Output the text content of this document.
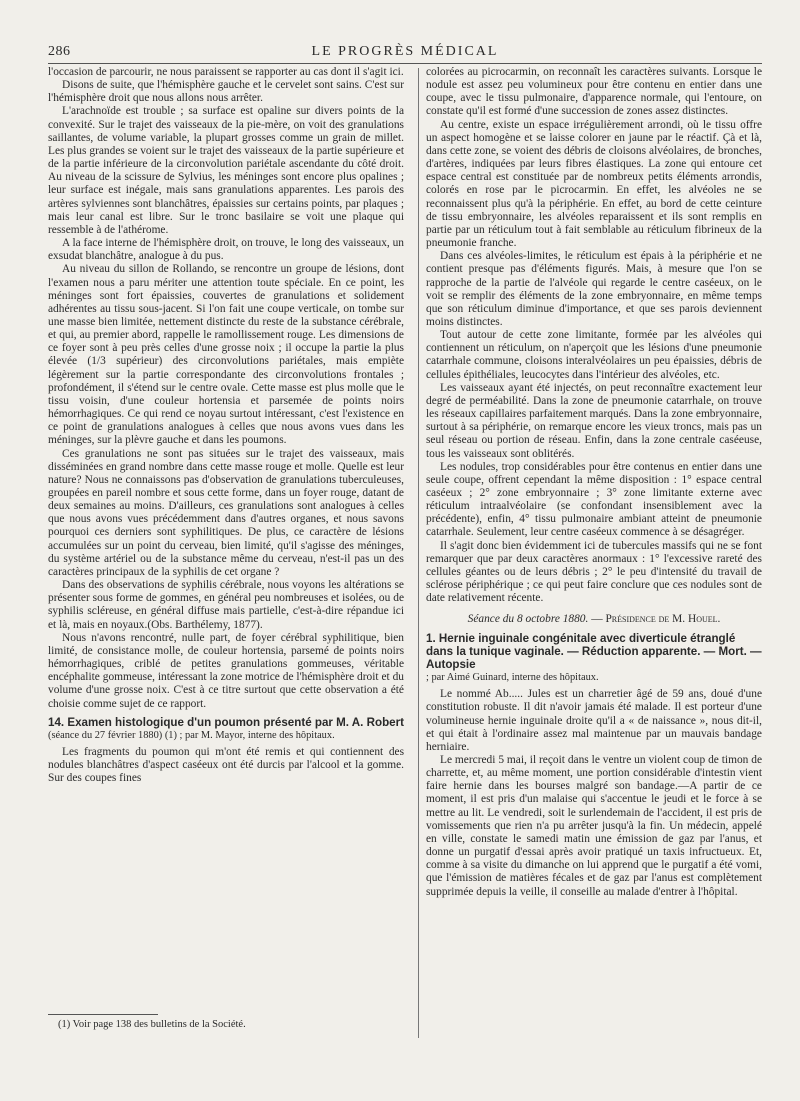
286	LE PROGRÈS MÉDICAL

l'occasion de parcourir, ne nous paraissent se rapporter au cas dont il s'agit ici.

Disons de suite, que l'hémisphère gauche et le cervelet sont sains. C'est sur l'hémisphère droit que nous allons nous arrêter.

L'arachnoïde est trouble ; sa surface est opaline sur divers points de la convexité. Sur le trajet des vaisseaux de la pie-mère, on voit des granulations saillantes, de volume variable, la plupart grosses comme un grain de millet. Les plus grandes se voient sur le trajet des vaisseaux de la partie supérieure et de la partie inférieure de la circonvolution pariétale ascendante du côté droit. Au niveau de la scissure de Sylvius, les méninges sont encore plus opalines ; leur surface est inégale, mais sans granulations apparentes. Les parois des artères sylviennes sont blanchâtres, épaissies sur certains points, par plaques ; mais leur canal est libre. Sur le tronc basilaire se voit une plaque qui ressemble à de l'athérome.

A la face interne de l'hémisphère droit, on trouve, le long des vaisseaux, un exsudat blanchâtre, analogue à du pus.

Au niveau du sillon de Rollando, se rencontre un groupe de lésions, dont l'examen nous a paru mériter une attention toute spéciale. En ce point, les méninges sont fort épaissies, couvertes de granulations et solidement adhérentes au tissu sous-jacent. Si l'on fait une coupe verticale, on tombe sur une masse bien limitée, nettement distincte du reste de la substance cérébrale, et qui, au premier abord, rappelle le ramollissement rouge. Les dimensions de ce foyer sont à peu près celles d'une grosse noix ; il occupe la partie la plus élevée (1/3 supérieur) des circonvolutions pariétales, mais empiète légèrement sur la partie correspondante des circonvolutions frontales ; profondément, il s'étend sur le centre ovale. Cette masse est plus molle que le tissu voisin, d'une couleur hortensia et parsemée de points noirs hémorrhagiques. Ce qui rend ce noyau surtout intéressant, c'est l'existence en ce point de granulations analogues à celles que nous avons vues dans les méninges, sur la plèvre gauche et dans les poumons.

Ces granulations ne sont pas situées sur le trajet des vaisseaux, mais disséminées en grand nombre dans cette masse rouge et molle. Quelle est leur nature? Nous ne connaissons pas d'observation de granulations tuberculeuses, groupées en pareil nombre et sous cette forme, dans un foyer rouge, datant de deux semaines au moins. D'ailleurs, ces granulations sont analogues à celles que nous avons vues précédemment dans d'autres organes, et nous savons pourquoi ces derniers sont syphilitiques. De plus, ce caractère de lésions accumulées sur un point du cerveau, bien limité, qu'il s'agisse des méninges, du système artériel ou de la substance même du cerveau, n'est-il pas un des caractères principaux de la syphilis de cet organe ?

Dans des observations de syphilis cérébrale, nous voyons les altérations se présenter sous forme de gommes, en général peu nombreuses et isolées, ou de syphilis scléreuse, en général diffuse mais partielle, c'est-à-dire répandue ici et là, mais en noyaux.(Obs. Barthélemy, 1877).

Nous n'avons rencontré, nulle part, de foyer cérébral syphilitique, bien limité, de consistance molle, de couleur hortensia, parsemé de points noirs hémorrhagiques, criblé de petites granulations gommeuses, véritable encéphalite gommeuse, intéressant la zone motrice de l'hémisphère droit et du volume d'une grosse noix. C'est à ce titre surtout que cette observation a été choisie comme sujet de ce rapport.

14. Examen histologique d'un poumon présenté par M. A. Robert
(séance du 27 février 1880) (1) ; par M. Mayor, interne des hôpitaux.

Les fragments du poumon qui m'ont été remis et qui contiennent des nodules blanchâtres d'aspect caséeux ont été durcis par l'alcool et la gomme. Sur des coupes fines

colorées au picrocarmin, on reconnaît les caractères suivants. Lorsque le nodule est assez peu volumineux pour être contenu en entier dans une coupe, avec le tissu pulmonaire, d'apparence normale, qui l'entoure, on constate qu'il est formé d'une succession de zones assez distinctes.

Au centre, existe un espace irrégulièrement arrondi, où le tissu offre un aspect homogène et se laisse colorer en jaune par le réactif. Çà et là, dans cette zone, se voient des débris de cloisons alvéolaires, de bronches, d'artères, indiquées par leurs fibres élastiques. La zone qui entoure cet espace central est constituée par de nombreux petits éléments arrondis, colorés en rose par le picrocarmin. En effet, les alvéoles ne se reconnaissent plus qu'à la périphérie. En effet, au bord de cette ceinture de tissu embryonnaire, les alvéoles reparaissent et ils sont remplis en partie par un réticulum tout à fait semblable au réticulum fibrineux de la pneumonie franche.

Dans ces alvéoles-limites, le réticulum est épais à la périphérie et ne contient presque pas d'éléments figurés. Mais, à mesure que l'on se rapproche de la partie de l'alvéole qui regarde le centre caséeux, on le voit se remplir des éléments de la zone embryonnaire, en même temps que son réticulum diminue d'importance, et que ses parois deviennent moins distinctes.

Tout autour de cette zone limitante, formée par les alvéoles qui contiennent un réticulum, on n'aperçoit que les lésions d'une pneumonie catarrhale commune, cloisons interalvéolaires un peu épaissies, débris de cellules épithéliales, leucocytes dans l'intérieur des alvéoles, etc.

Les vaisseaux ayant été injectés, on peut reconnaître exactement leur degré de perméabilité. Dans la zone de pneumonie catarrhale, on trouve les réseaux capillaires parfaitement marqués. Dans la zone embryonnaire, surtout à sa périphérie, on remarque encore les vieux troncs, mais pas un seul réseau ou portion de réseau. Enfin, dans la zone centrale caséeuse, tous les vaisseaux sont oblitérés.

Les nodules, trop considérables pour être contenus en entier dans une seule coupe, offrent cependant la même disposition : 1° espace central caséeux ; 2° zone embryonnaire ; 3° zone limitante externe avec réticulum intraalvéolaire (se confondant insensiblement avec la précédente), enfin, 4° tissu pulmonaire ambiant atteint de pneumonie catarrhale. Seulement, leur centre caséeux commence à se désagréger.

Il s'agit donc bien évidemment ici de tubercules massifs qui ne se font remarquer que par deux caractères anormaux : 1° l'excessive rareté des cellules géantes ou de leurs débris ; 2° le peu d'intensité du travail de sclérose périphérique ; ce qui peut faire conclure que ces nodules sont de date relativement récente.

Séance du 8 octobre 1880. — Présidence de M. Houel.

1. Hernie inguinale congénitale avec diverticule étranglé dans la tunique vaginale. — Réduction apparente. — Mort. — Autopsie
; par Aimé Guinard, interne des hôpitaux.

Le nommé Ab..... Jules est un charretier âgé de 59 ans, doué d'une constitution robuste. Il dit n'avoir jamais été malade. Il est porteur d'une volumineuse hernie inguinale droite qu'il a « de naissance », nous dit-il, et qui était à l'ordinaire assez mal maintenue par un mauvais bandage herniaire.

Le mercredi 5 mai, il reçoit dans le ventre un violent coup de timon de charrette, et, au même moment, une portion considérable d'intestin vient faire hernie dans les bourses malgré son bandage.—A partir de ce moment, il est pris d'un malaise qui s'accentue le jeudi et le force à se mettre au lit. Le vendredi, soit le surlendemain de l'accident, il est pris de vomissements que rien n'a pu arrêter jusqu'à la fin. Un médecin, appelé en ville, constate le samedi matin une émission de gaz par l'anus, et donne un purgatif d'essai après avoir pratiqué un taxis infructueux. Et, comme à sa visite du dimanche on lui apprend que le purgatif a été vomi, que l'émission de matières fécales et de gaz par l'anus est complètement supprimée depuis la veille, il conseille au malade d'entrer à l'hôpital.

(1) Voir page 138 des bulletins de la Société.
